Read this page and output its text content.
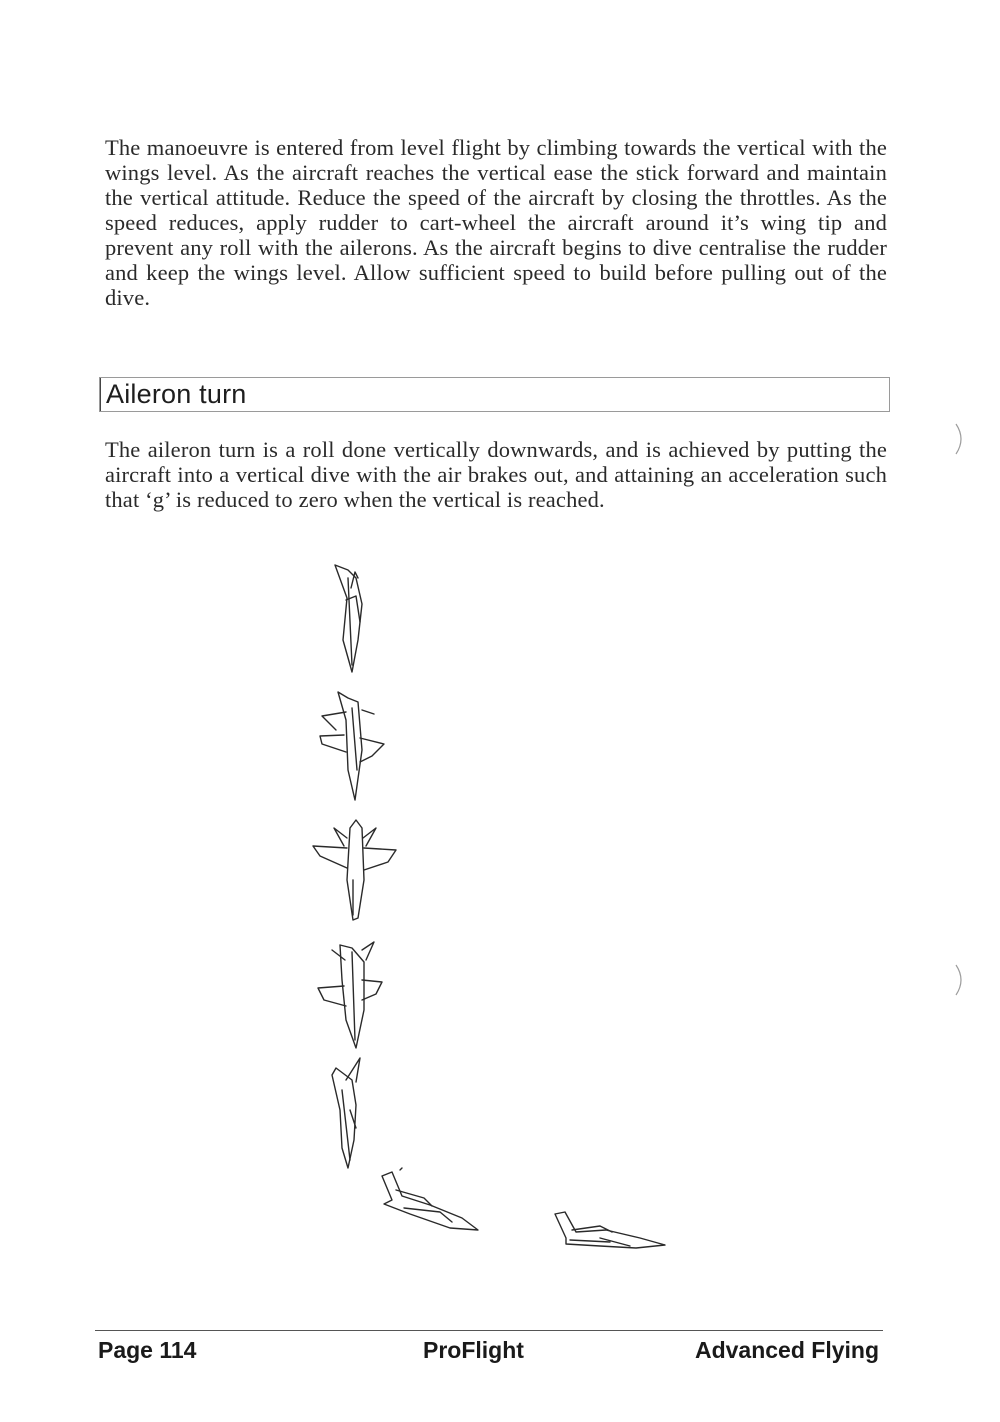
The manoeuvre is entered from level flight by climbing towards the vertical with the wings level. As the aircraft reaches the vertical ease the stick forward and maintain the vertical attitude. Reduce the speed of the aircraft by closing the throttles. As the speed reduces, apply rudder to cart-wheel the aircraft around it’s wing tip and prevent any roll with the ailerons. As the aircraft begins to dive centralise the rudder and keep the wings level. Allow sufficient speed to build before pulling out of the dive.

Aileron turn

The aileron turn is a roll done vertically downwards, and is achieved by putting the aircraft into a vertical dive with the air brakes out, and attaining an acceleration such that ‘g’ is reduced to zero when the vertical is reached.

Page 114	ProFlight	Advanced Flying
